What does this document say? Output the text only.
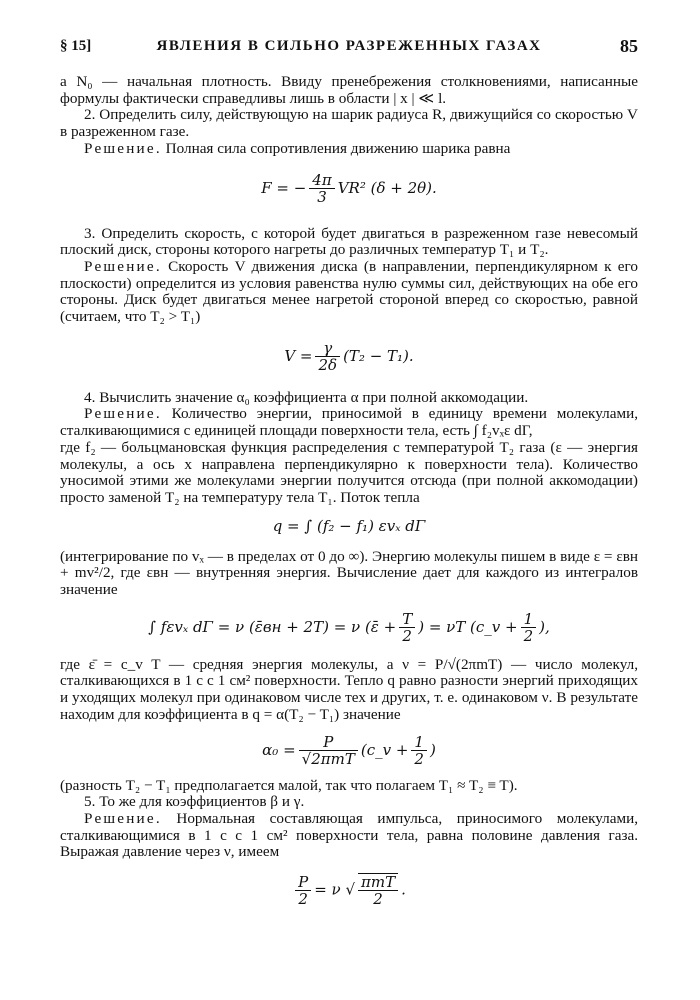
§ 15]	ЯВЛЕНИЯ В СИЛЬНО РАЗРЕЖЕННЫХ ГАЗАХ	85

а N₀ — начальная плотность. Ввиду пренебрежения столкновениями, написанные формулы фактически справедливы лишь в области | x | ≪ l.

2. Определить силу, действующую на шарик радиуса R, движущийся со скоростью V в разреженном газе.

Решение. Полная сила сопротивления движению шарика равна

F = − $\frac{4\pi}{3} VR^2$ (δ + 2θ).

3. Определить скорость, с которой будет двигаться в разреженном газе невесомый плоский диск, стороны которого нагреты до различных температур T₁ и T₂.

Решение. Скорость V движения диска (в направлении, перпендикулярном к его плоскости) определится из условия равенства нулю суммы сил, действующих на обе его стороны. Диск будет двигаться менее нагретой стороной вперед со скоростью, равной (считаем, что T₂ > T₁)

$V = \frac{\gamma}{2\delta} (T_2 - T_1)$.

4. Вычислить значение α₀ коэффициента α при полной аккомодации.

Решение. Количество энергии, приносимой в единицу времени молекулами, сталкивающимися с единицей площади поверхности тела, есть ∫ f₂vₓε dΓ,

где f₂ — больцмановская функция распределения с температурой T₂ газа (ε — энергия молекулы, а ось x направлена перпендикулярно к поверхности тела). Количество уносимой этими же молекулами энергии получится отсюда (при полной аккомодации) просто заменой T₂ на температуру тела T₁. Поток тепла

q = ∫ (f₂ − f₁) εvₓ dΓ

(интегрирование по vₓ — в пределах от 0 до ∞). Энергию молекулы пишем в виде ε = εвн + mv²/2, где εвн — внутренняя энергия. Вычисление дает для каждого из интегралов значение

∫ fεvₓ dΓ = ν (ε̄вн + 2T) = ν (ε̄ + $\frac{T}{2}$ ) = νT (c_v + $\frac{1}{2}$ ),

где ε̄ = c_v T — средняя энергия молекулы, а ν = P/√(2πmT) — число молекул, сталкивающихся в 1 с с 1 см² поверхности. Тепло q равно разности энергий приходящих и уходящих молекул при одинаковом числе тех и других, т. е. одинаковом ν. В результате находим для коэффициента в q = α(T₂ − T₁) значение

$\alpha_0 = \frac{P}{\text{√2πmT}}$ (c_v + $\frac{1}{2}$ )

(разность T₂ − T₁ предполагается малой, так что полагаем T₁ ≈ T₂ ≡ T).

5. То же для коэффициентов β и γ.

Решение. Нормальная составляющая импульса, приносимого молекулами, сталкивающимися в 1 с с 1 см² поверхности тела, равна половине давления газа. Выражая давление через ν, имеем

$\frac{P}{2} = \nu$ √ $\frac{\text{πmT}}{2}$ .
